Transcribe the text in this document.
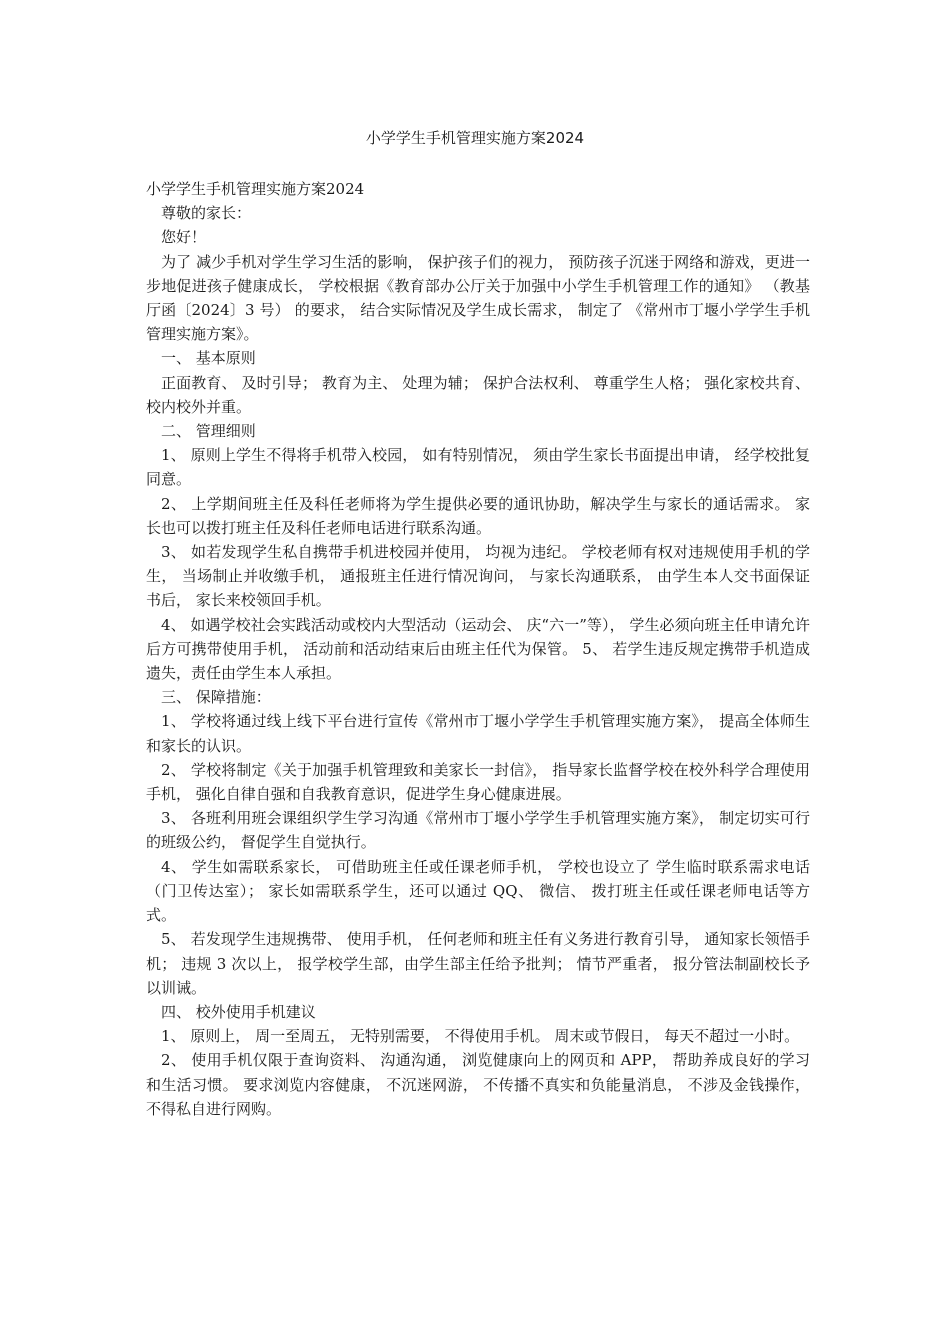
小学学生手机管理实施方案2024

小学学生手机管理实施方案2024

尊敬的家长：

您好！

为了 减少手机对学生学习生活的影响， 保护孩子们的视力， 预防孩子沉迷于网络和游戏，更进一步地促进孩子健康成长， 学校根据《教育部办公厅关于加强中小学生手机管理工作的通知》 （教基厅函〔2024〕3 号） 的要求， 结合实际情况及学生成长需求， 制定了 《常州市丁堰小学学生手机管理实施方案》。

一、 基本原则

正面教育、 及时引导； 教育为主、 处理为辅； 保护合法权利、 尊重学生人格； 强化家校共育、 校内校外并重。

二、 管理细则

1、 原则上学生不得将手机带入校园， 如有特别情况， 须由学生家长书面提出申请， 经学校批复同意。

2、 上学期间班主任及科任老师将为学生提供必要的通讯协助，解决学生与家长的通话需求。 家长也可以拨打班主任及科任老师电话进行联系沟通。

3、 如若发现学生私自携带手机进校园并使用， 均视为违纪。 学校老师有权对违规使用手机的学生， 当场制止并收缴手机， 通报班主任进行情况询问， 与家长沟通联系， 由学生本人交书面保证书后， 家长来校领回手机。

4、 如遇学校社会实践活动或校内大型活动（运动会、 庆“六一”等）， 学生必须向班主任申请允许后方可携带使用手机， 活动前和活动结束后由班主任代为保管。 5、 若学生违反规定携带手机造成遗失，责任由学生本人承担。

三、 保障措施：

1、 学校将通过线上线下平台进行宣传《常州市丁堰小学学生手机管理实施方案》， 提高全体师生和家长的认识。

2、 学校将制定《关于加强手机管理致和美家长一封信》， 指导家长监督学校在校外科学合理使用手机， 强化自律自强和自我教育意识，促进学生身心健康进展。

3、 各班利用班会课组织学生学习沟通《常州市丁堰小学学生手机管理实施方案》， 制定切实可行的班级公约， 督促学生自觉执行。

4、 学生如需联系家长， 可借助班主任或任课老师手机， 学校也设立了 学生临时联系需求电话（门卫传达室）； 家长如需联系学生，还可以通过 QQ、 微信、 拨打班主任或任课老师电话等方式。

5、 若发现学生违规携带、 使用手机， 任何老师和班主任有义务进行教育引导， 通知家长领悟手机； 违规 3 次以上， 报学校学生部，由学生部主任给予批判； 情节严重者， 报分管法制副校长予以训诫。

四、 校外使用手机建议

1、 原则上， 周一至周五， 无特别需要， 不得使用手机。 周末或节假日， 每天不超过一小时。

2、 使用手机仅限于查询资料、 沟通沟通， 浏览健康向上的网页和 APP， 帮助养成良好的学习和生活习惯。 要求浏览内容健康， 不沉迷网游， 不传播不真实和负能量消息， 不涉及金钱操作， 不得私自进行网购。
